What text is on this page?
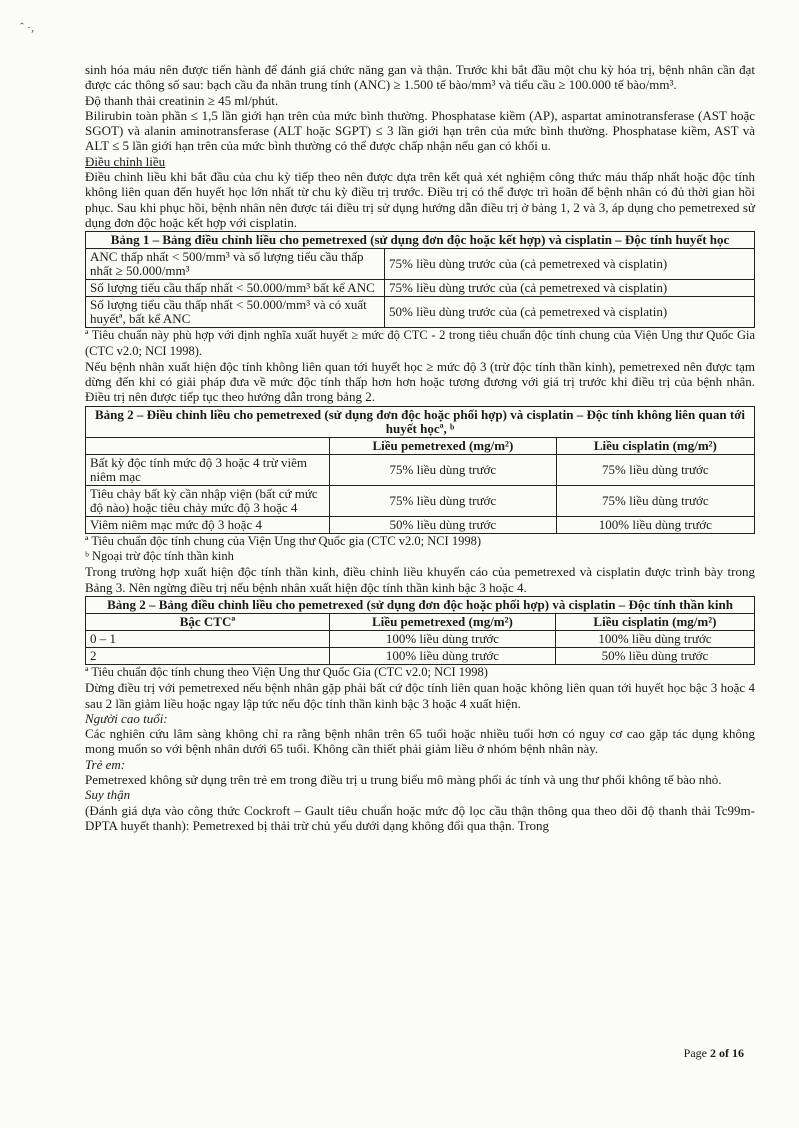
ˆ ·,

sinh hóa máu nên được tiến hành để đánh giá chức năng gan và thận. Trước khi bắt đầu một chu kỳ hóa trị, bệnh nhân cần đạt được các thông số sau: bạch cầu đa nhân trung tính (ANC) ≥ 1.500 tế bào/mm³ và tiểu cầu ≥ 100.000 tế bào/mm³.

Độ thanh thải creatinin ≥ 45 ml/phút.

Bilirubin toàn phần ≤ 1,5 lần giới hạn trên của mức bình thường. Phosphatase kiềm (AP), aspartat aminotransferase (AST hoặc SGOT) và alanin aminotransferase (ALT hoặc SGPT) ≤ 3 lần giới hạn trên của mức bình thường. Phosphatase kiềm, AST và ALT ≤ 5 lần giới hạn trên của mức bình thường có thể được chấp nhận nếu gan có khối u.

Điều chỉnh liều

Điều chỉnh liều khi bắt đầu của chu kỳ tiếp theo nên được dựa trên kết quả xét nghiệm công thức máu thấp nhất hoặc độc tính không liên quan đến huyết học lớn nhất từ chu kỳ điều trị trước. Điều trị có thể được trì hoãn để bệnh nhân có đủ thời gian hồi phục. Sau khi phục hồi, bệnh nhân nên được tái điều trị sử dụng hướng dẫn điều trị ở bảng 1, 2 và 3, áp dụng cho pemetrexed sử dụng đơn độc hoặc kết hợp với cisplatin.

Bảng 1 – Bảng điều chỉnh liều cho pemetrexed (sử dụng đơn độc hoặc kết hợp) và cisplatin – Độc tính huyết học	
ANC thấp nhất < 500/mm³ và số lượng tiểu cầu thấp nhất ≥ 50.000/mm³	75% liều dùng trước của (cả pemetrexed và cisplatin)
Số lượng tiểu cầu thấp nhất < 50.000/mm³ bất kể ANC	75% liều dùng trước của (cả pemetrexed và cisplatin)
Số lượng tiểu cầu thấp nhất < 50.000/mm³ và có xuất huyếtª, bất kể ANC	50% liều dùng trước của (cả pemetrexed và cisplatin)

ª Tiêu chuẩn này phù hợp với định nghĩa xuất huyết ≥ mức độ CTC - 2 trong tiêu chuẩn độc tính chung của Viện Ung thư Quốc Gia (CTC v2.0; NCI 1998).

Nếu bệnh nhân xuất hiện độc tính không liên quan tới huyết học ≥ mức độ 3 (trừ độc tính thần kinh), pemetrexed nên được tạm dừng đến khi có giải pháp đưa về mức độc tính thấp hơn hơn hoặc tương đương với giá trị trước khi điều trị của bệnh nhân. Điều trị nên được tiếp tục theo hướng dẫn trong bảng 2.

Bảng 2 – Điều chỉnh liều cho pemetrexed (sử dụng đơn độc hoặc phối hợp) và cisplatin – Độc tính không liên quan tới huyết họcª, ᵇ		
	Liều pemetrexed (mg/m²)	Liều cisplatin (mg/m²)
Bất kỳ độc tính mức độ 3 hoặc 4 trừ viêm niêm mạc	75% liều dùng trước	75% liều dùng trước
Tiêu chảy bất kỳ cần nhập viện (bất cứ mức độ nào) hoặc tiêu chảy mức độ 3 hoặc 4	75% liều dùng trước	75% liều dùng trước
Viêm niêm mạc mức độ 3 hoặc 4	50% liều dùng trước	100% liều dùng trước

ª Tiêu chuẩn độc tính chung của Viện Ung thư Quốc gia (CTC v2.0; NCI 1998)

ᵇ Ngoại trừ độc tính thần kinh

Trong trường hợp xuất hiện độc tính thần kinh, điều chỉnh liều khuyến cáo của pemetrexed và cisplatin được trình bày trong Bảng 3. Nên ngừng điều trị nếu bệnh nhân xuất hiện độc tính thần kinh bậc 3 hoặc 4.

Bảng 2 – Bảng điều chỉnh liều cho pemetrexed (sử dụng đơn độc hoặc phối hợp) và cisplatin – Độc tính thần kinh		
Bậc CTCª	Liều pemetrexed (mg/m²)	Liều cisplatin (mg/m²)
0 – 1	100% liều dùng trước	100% liều dùng trước
2	100% liều dùng trước	50% liều dùng trước

ª Tiêu chuẩn độc tính chung theo Viện Ung thư Quốc Gia (CTC v2.0; NCI 1998)

Dừng điều trị với pemetrexed nếu bệnh nhân gặp phải bất cứ độc tính liên quan hoặc không liên quan tới huyết học bậc 3 hoặc 4 sau 2 lần giảm liều hoặc ngay lập tức nếu độc tính thần kinh bậc 3 hoặc 4 xuất hiện.

Người cao tuổi:

Các nghiên cứu lâm sàng không chỉ ra rằng bệnh nhân trên 65 tuổi hoặc nhiều tuổi hơn có nguy cơ cao gặp tác dụng không mong muốn so với bệnh nhân dưới 65 tuổi. Không cần thiết phải giảm liều ở nhóm bệnh nhân này.

Trẻ em:

Pemetrexed không sử dụng trên trẻ em trong điều trị u trung biểu mô màng phổi ác tính và ung thư phổi không tế bào nhỏ.

Suy thận

(Đánh giá dựa vào công thức Cockroft – Gault tiêu chuẩn hoặc mức độ lọc cầu thận thông qua theo dõi độ thanh thải Tc99m-DPTA huyết thanh): Pemetrexed bị thải trừ chủ yếu dưới dạng không đổi qua thận. Trong

Page 2 of 16
